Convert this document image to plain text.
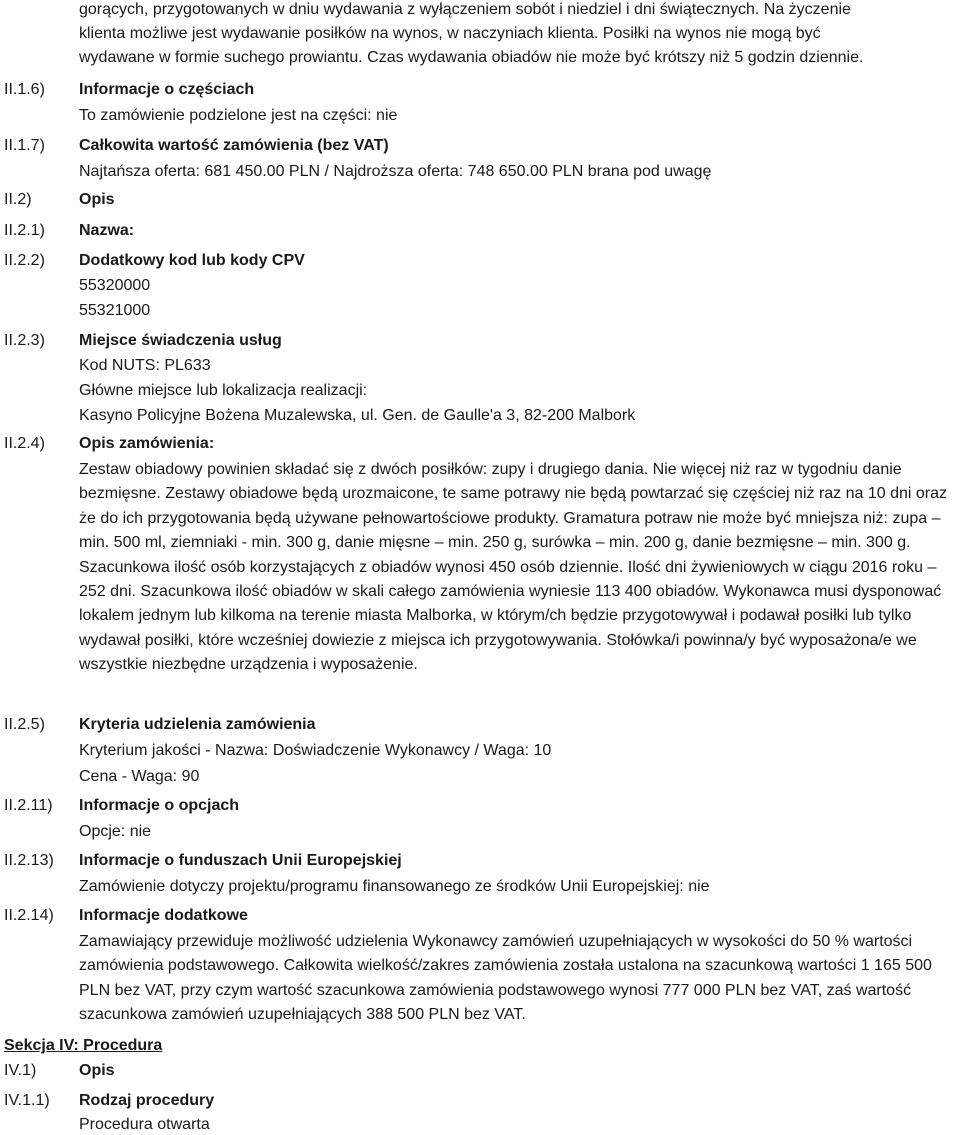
gorących, przygotowanych w dniu wydawania z wyłączeniem sobót i niedziel i dni świątecznych. Na życzenie
klienta możliwe jest wydawanie posiłków na wynos, w naczyniach klienta. Posiłki na wynos nie mogą być
wydawane w formie suchego prowiantu. Czas wydawania obiadów nie może być krótszy niż 5 godzin dziennie.
II.1.6) Informacje o częściach
To zamówienie podzielone jest na części: nie
II.1.7) Całkowita wartość zamówienia (bez VAT)
Najtańsza oferta: 681 450.00 PLN / Najdroższa oferta: 748 650.00 PLN brana pod uwagę
II.2)	Opis
II.2.1) Nazwa:
II.2.2) Dodatkowy kod lub kody CPV
55320000
55321000
II.2.3) Miejsce świadczenia usług
Kod NUTS: PL633
Główne miejsce lub lokalizacja realizacji:
Kasyno Policyjne Bożena Muzalewska, ul. Gen. de Gaulle'a 3, 82-200 Malbork
II.2.4) Opis zamówienia:
Zestaw obiadowy powinien składać się z dwóch posiłków: zupy i drugiego dania. Nie więcej niż raz w tygodniu danie bezmięsne. Zestawy obiadowe będą urozmaicone, te same potrawy nie będą powtarzać się częściej niż raz na 10 dni oraz że do ich przygotowania będą używane pełnowartościowe produkty. Gramatura potraw nie może być mniejsza niż: zupa – min. 500 ml, ziemniaki - min. 300 g, danie mięsne – min. 250 g, surówka – min. 200 g, danie bezmięsne – min. 300 g. Szacunkowa ilość osób korzystających z obiadów wynosi 450 osób dziennie. Ilość dni żywieniowych w ciągu 2016 roku – 252 dni. Szacunkowa ilość obiadów w skali całego zamówienia wyniesie 113 400 obiadów. Wykonawca musi dysponować lokalem jednym lub kilkoma na terenie miasta Malborka, w którym/ch będzie przygotowywał i podawał posiłki lub tylko wydawał posiłki, które wcześniej dowiezie z miejsca ich przygotowywania. Stołówka/i powinna/y być wyposażona/e we wszystkie niezbędne urządzenia i wyposażenie.
II.2.5) Kryteria udzielenia zamówienia
Kryterium jakości - Nazwa: Doświadczenie Wykonawcy / Waga: 10
Cena - Waga: 90
II.2.11) Informacje o opcjach
Opcje: nie
II.2.13) Informacje o funduszach Unii Europejskiej
Zamówienie dotyczy projektu/programu finansowanego ze środków Unii Europejskiej: nie
II.2.14) Informacje dodatkowe
Zamawiający przewiduje możliwość udzielenia Wykonawcy zamówień uzupełniających w wysokości do 50 % wartości zamówienia podstawowego. Całkowita wielkość/zakres zamówienia została ustalona na szacunkową wartości 1 165 500 PLN bez VAT, przy czym wartość szacunkowa zamówienia podstawowego wynosi 777 000 PLN bez VAT, zaś wartość szacunkowa zamówień uzupełniających 388 500 PLN bez VAT.
Sekcja IV: Procedura
IV.1)	Opis
IV.1.1) Rodzaj procedury
Procedura otwarta
